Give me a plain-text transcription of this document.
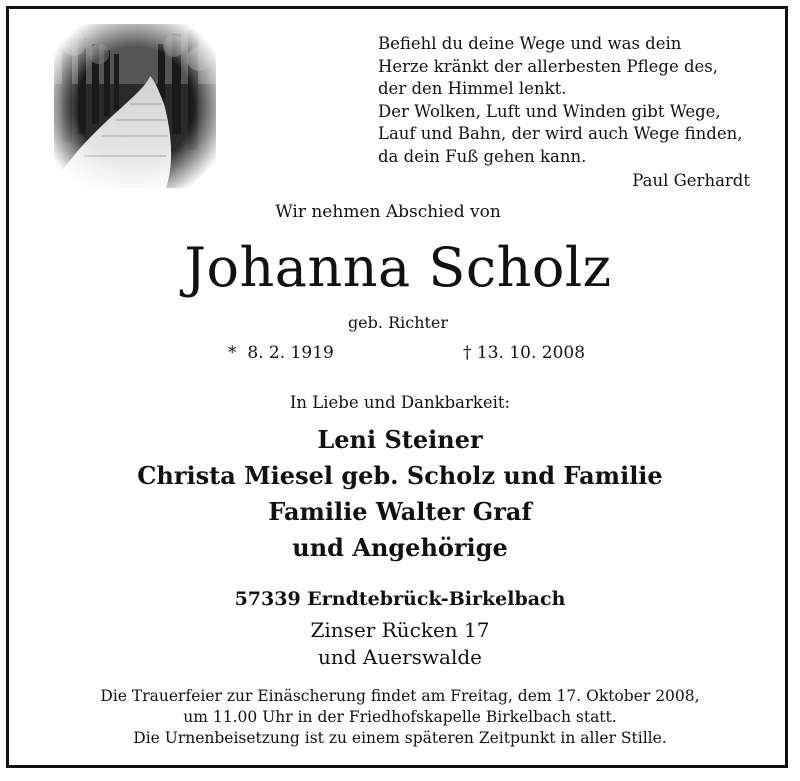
Befiehl du deine Wege und was dein
Herze kränkt der allerbesten Pflege des,
der den Himmel lenkt.
Der Wolken, Luft und Winden gibt Wege,
Lauf und Bahn, der wird auch Wege finden,
da dein Fuß gehen kann.
Paul Gerhardt
Wir nehmen Abschied von
Johanna Scholz
geb. Richter
* 8. 2. 1919	† 13. 10. 2008
In Liebe und Dankbarkeit:
Leni Steiner
Christa Miesel geb. Scholz und Familie
Familie Walter Graf
und Angehörige
57339 Erndtebrück-Birkelbach
Zinser Rücken 17
und Auerswalde
Die Trauerfeier zur Einäscherung findet am Freitag, dem 17. Oktober 2008,
um 11.00 Uhr in der Friedhofskapelle Birkelbach statt.
Die Urnenbeisetzung ist zu einem späteren Zeitpunkt in aller Stille.
